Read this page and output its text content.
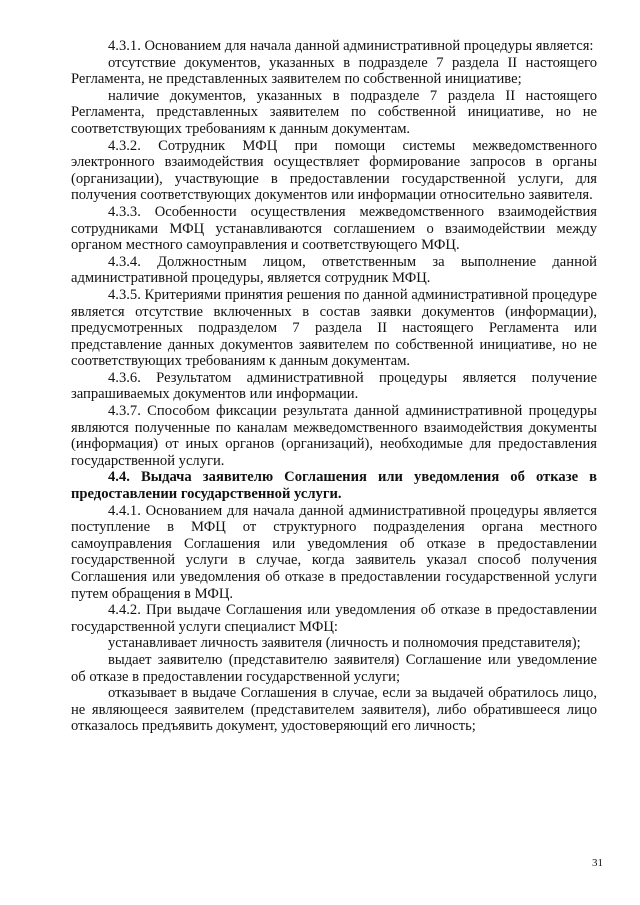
4.3.1. Основанием для начала данной административной процедуры является:

отсутствие документов, указанных в подразделе 7 раздела II настоящего Регламента, не представленных заявителем по собственной инициативе;

наличие документов, указанных в подразделе 7 раздела II настоящего Регламента, представленных заявителем по собственной инициативе, но не соответствующих требованиям к данным документам.

4.3.2. Сотрудник МФЦ при помощи системы межведомственного электронного взаимодействия осуществляет формирование запросов в органы (организации), участвующие в предоставлении государственной услуги, для получения соответствующих документов или информации относительно заявителя.

4.3.3. Особенности осуществления межведомственного взаимодействия сотрудниками МФЦ устанавливаются соглашением о взаимодействии между органом местного самоуправления и соответствующего МФЦ.

4.3.4. Должностным лицом, ответственным за выполнение данной административной процедуры, является сотрудник МФЦ.

4.3.5. Критериями принятия решения по данной административной процедуре является отсутствие включенных в состав заявки документов (информации), предусмотренных подразделом 7 раздела II настоящего Регламента или представление данных документов заявителем по собственной инициативе, но не соответствующих требованиям к данным документам.

4.3.6. Результатом административной процедуры является получение запрашиваемых документов или информации.

4.3.7. Способом фиксации результата данной административной процедуры являются полученные по каналам межведомственного взаимодействия документы (информация) от иных органов (организаций), необходимые для предоставления государственной услуги.

4.4. Выдача заявителю Соглашения или уведомления об отказе в предоставлении государственной услуги.

4.4.1. Основанием для начала данной административной процедуры является поступление в МФЦ от структурного подразделения органа местного самоуправления Соглашения или уведомления об отказе в предоставлении государственной услуги в случае, когда заявитель указал способ получения Соглашения или уведомления об отказе в предоставлении государственной услуги путем обращения в МФЦ.

4.4.2. При выдаче Соглашения или уведомления об отказе в предоставлении государственной услуги специалист МФЦ:

устанавливает личность заявителя (личность и полномочия представителя);

выдает заявителю (представителю заявителя) Соглашение или уведомление об отказе в предоставлении государственной услуги;

отказывает в выдаче Соглашения в случае, если за выдачей обратилось лицо, не являющееся заявителем (представителем заявителя), либо обратившееся лицо отказалось предъявить документ, удостоверяющий его личность;

31
